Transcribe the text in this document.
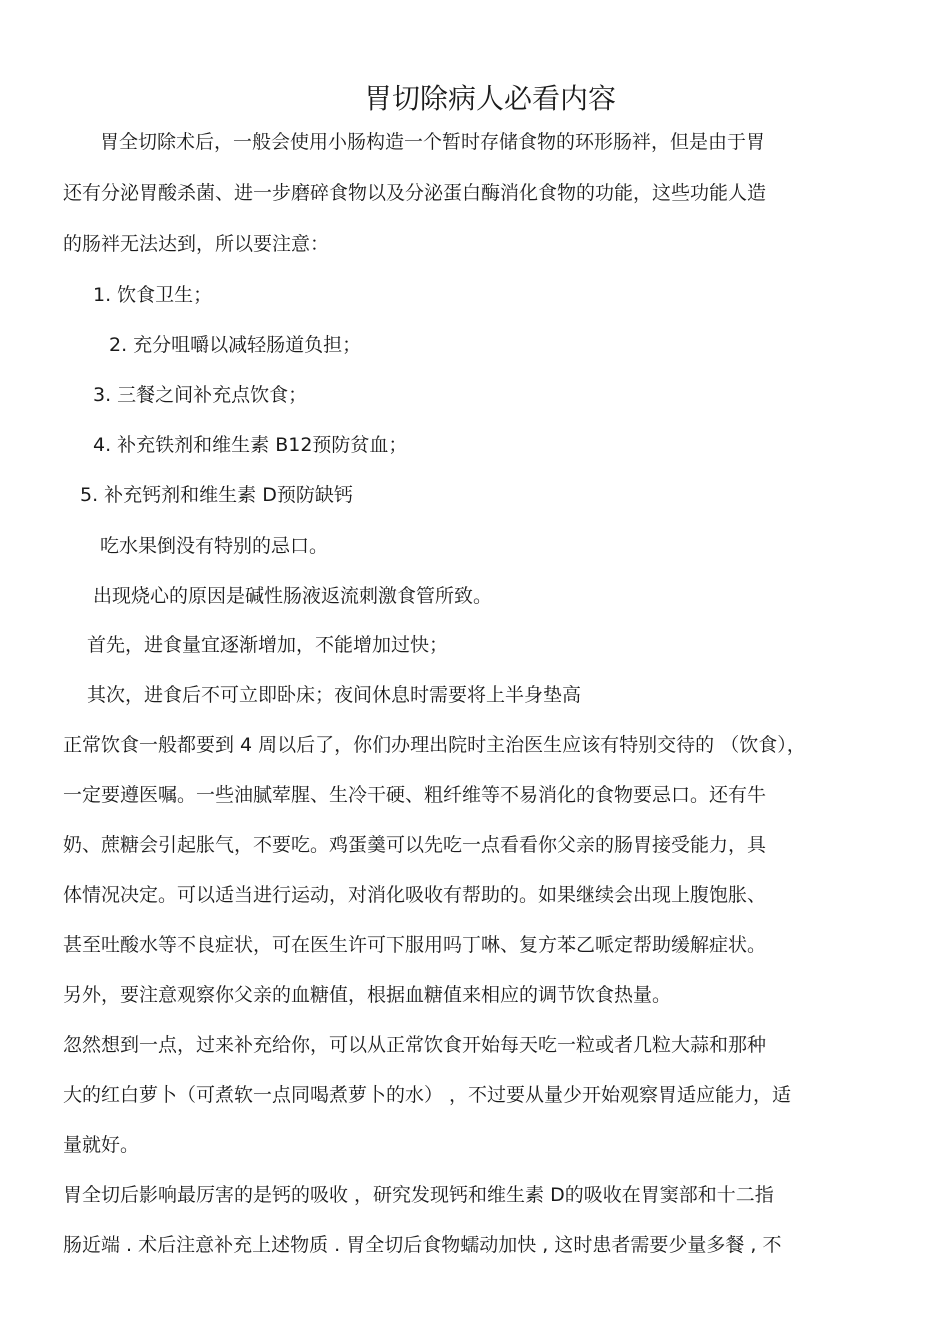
胃切除病人必看内容
胃全切除术后，一般会使用小肠构造一个暂时存储食物的环形肠袢，但是由于胃
还有分泌胃酸杀菌、进一步磨碎食物以及分泌蛋白酶消化食物的功能，这些功能人造
的肠袢无法达到，所以要注意：
1. 饮食卫生；
2. 充分咀嚼以减轻肠道负担；
3. 三餐之间补充点饮食；
4. 补充铁剂和维生素 B12预防贫血；
5. 补充钙剂和维生素 D预防缺钙
吃水果倒没有特别的忌口。
出现烧心的原因是碱性肠液返流刺激食管所致。
首先，进食量宜逐渐增加，不能增加过快；
其次，进食后不可立即卧床；夜间休息时需要将上半身垫高
正常饮食一般都要到 4 周以后了，你们办理出院时主治医生应该有特别交待的 （饮食），
一定要遵医嘱。一些油腻荤腥、生冷干硬、粗纤维等不易消化的食物要忌口。还有牛
奶、蔗糖会引起胀气，不要吃。鸡蛋羹可以先吃一点看看你父亲的肠胃接受能力，具
体情况决定。可以适当进行运动，对消化吸收有帮助的。如果继续会出现上腹饱胀、
甚至吐酸水等不良症状，可在医生许可下服用吗丁啉、复方苯乙哌定帮助缓解症状。
另外，要注意观察你父亲的血糖值，根据血糖值来相应的调节饮食热量。
忽然想到一点，过来补充给你，可以从正常饮食开始每天吃一粒或者几粒大蒜和那种
大的红白萝卜（可煮软一点同喝煮萝卜的水） ，不过要从量少开始观察胃适应能力，适
量就好。
胃全切后影响最厉害的是钙的吸收 ，研究发现钙和维生素 D的吸收在胃窦部和十二指
肠近端 . 术后注意补充上述物质 . 胃全切后食物蠕动加快 , 这时患者需要少量多餐 , 不
